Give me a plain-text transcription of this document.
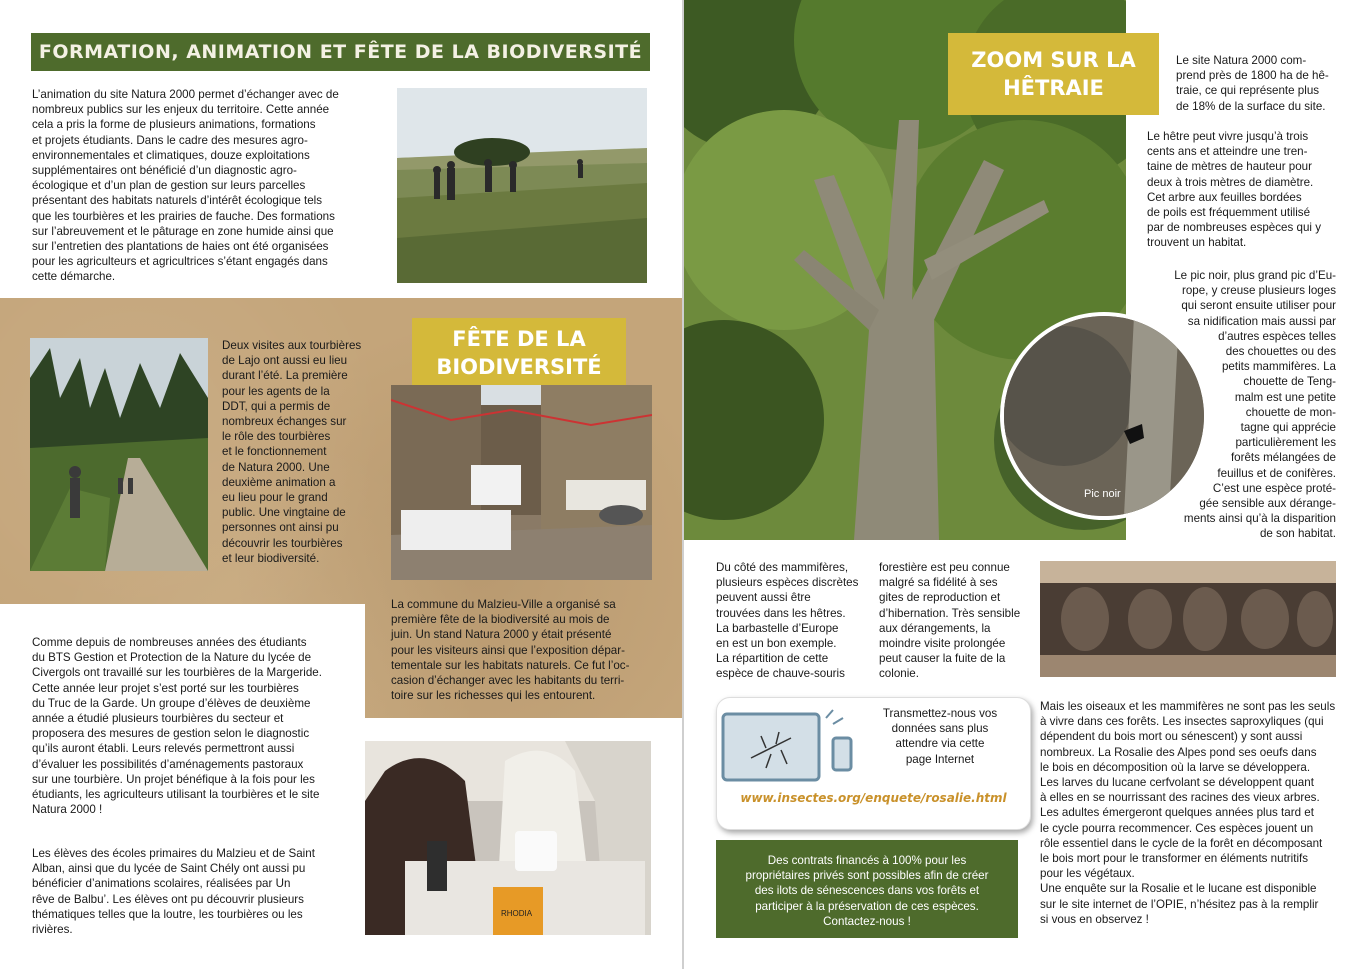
FORMATION, ANIMATION ET FÊTE DE LA BIODIVERSITÉ
L’animation du site Natura 2000 permet d’échanger avec de
nombreux publics sur les enjeux du territoire. Cette année
cela a pris la forme de plusieurs animations, formations
et projets étudiants. Dans le cadre des mesures agro-
environnementales et climatiques, douze exploitations
supplémentaires ont bénéficié d’un diagnostic agro-
écologique et d’un plan de gestion sur leurs parcelles
présentant des habitats naturels d’intérêt écologique tels
que les tourbières et les prairies de fauche. Des formations
sur l’abreuvement et le pâturage en zone humide ainsi que
sur l’entretien des plantations de haies ont été organisées
pour les agriculteurs et agricultrices s’étant engagés dans
cette démarche.
Deux visites aux tourbières
de Lajo ont aussi eu lieu
durant l’été. La première
pour les agents de la
DDT, qui a permis de
nombreux échanges sur
le rôle des tourbières
et le fonctionnement
de Natura 2000. Une
deuxième animation a
eu lieu pour le grand
public. Une vingtaine de
personnes ont ainsi pu
découvrir les tourbières
et leur biodiversité.
FÊTE DE LA
BIODIVERSITÉ
La commune du Malzieu-Ville a organisé sa
première fête de la biodiversité au mois de
juin. Un stand Natura 2000 y était présenté
pour les visiteurs ainsi que l’exposition dépar-
tementale sur les habitats naturels. Ce fut l’oc-
casion d’échanger avec les habitants du terri-
toire sur les richesses qui les entourent.
Comme depuis de nombreuses années des étudiants
du BTS Gestion et Protection de la Nature du lycée de
Civergols ont travaillé sur les tourbières de la Margeride.
Cette année leur projet s’est porté sur les tourbières
du Truc de la Garde. Un groupe d’élèves de deuxième
année a étudié plusieurs tourbières du secteur et
proposera des mesures de gestion selon le diagnostic
qu’ils auront établi. Leurs relevés permettront aussi
d’évaluer les possibilités d’aménagements pastoraux
sur une tourbière. Un projet bénéfique à la fois pour les
étudiants, les agriculteurs utilisant la tourbières et le site
Natura 2000 !
Les élèves des écoles primaires du Malzieu et de Saint
Alban, ainsi que du lycée de Saint Chély ont aussi pu
bénéficier d’animations scolaires, réalisées par Un
rêve de Balbu’. Les élèves ont pu découvrir plusieurs
thématiques telles que la loutre, les tourbières ou les
rivières.
RHODIA
ZOOM SUR LA
HÊTRAIE
Le site Natura 2000 com-
prend près de 1800 ha de hê-
traie, ce qui représente plus
de 18% de la surface du site.
Le hêtre peut vivre jusqu’à trois
cents ans et atteindre une tren-
taine de mètres de hauteur pour
deux à trois mètres de diamètre.
Cet arbre aux feuilles bordées
de poils est fréquemment utilisé
par de nombreuses espèces qui y
trouvent un habitat.
Le pic noir, plus grand pic d’Eu-
rope, y creuse plusieurs loges
qui seront ensuite utiliser pour
sa nidification mais aussi par
d’autres espèces telles
des chouettes ou des
petits mammifères. La
chouette de Teng-
malm est une petite
chouette de mon-
tagne qui apprécie
particulièrement les
forêts mélangées de
feuillus et de conifères.
C’est une espèce proté-
gée sensible aux dérange-
ments ainsi qu’à la disparition
de son habitat.
Pic noir
Du côté des mammifères,
plusieurs espèces discrètes
peuvent aussi être
trouvées dans les hêtres.
La barbastelle d’Europe
en est un bon exemple.
La répartition de cette
espèce de chauve-souris
forestière est peu connue
malgré sa fidélité à ses
gites de reproduction et
d’hibernation. Très sensible
aux dérangements, la
moindre visite prolongée
peut causer la fuite de la
colonie.
Transmettez-nous vos
données sans plus
attendre via cette
page Internet
www.insectes.org/enquete/rosalie.html
Des contrats financés à 100% pour les
propriétaires privés sont possibles afin de créer
des ilots de sénescences dans vos forêts et
participer à la préservation de ces espèces.
Contactez-nous !
Mais les oiseaux et les mammifères ne sont pas les seuls
à vivre dans ces forêts. Les insectes saproxyliques (qui
dépendent du bois mort ou sénescent) y sont aussi
nombreux. La Rosalie des Alpes pond ses oeufs dans
le bois en décomposition où la larve se développera.
Les larves du lucane cerfvolant se développent quant
à elles en se nourrissant des racines des vieux arbres.
Les adultes émergeront quelques années plus tard et
le cycle pourra recommencer. Ces espèces jouent un
rôle essentiel dans le cycle de la forêt en décomposant
le bois mort pour le transformer en éléments nutritifs
pour les végétaux.
Une enquête sur la Rosalie et le lucane est disponible
sur le site internet de l’OPIE, n’hésitez pas à la remplir
si vous en observez !
